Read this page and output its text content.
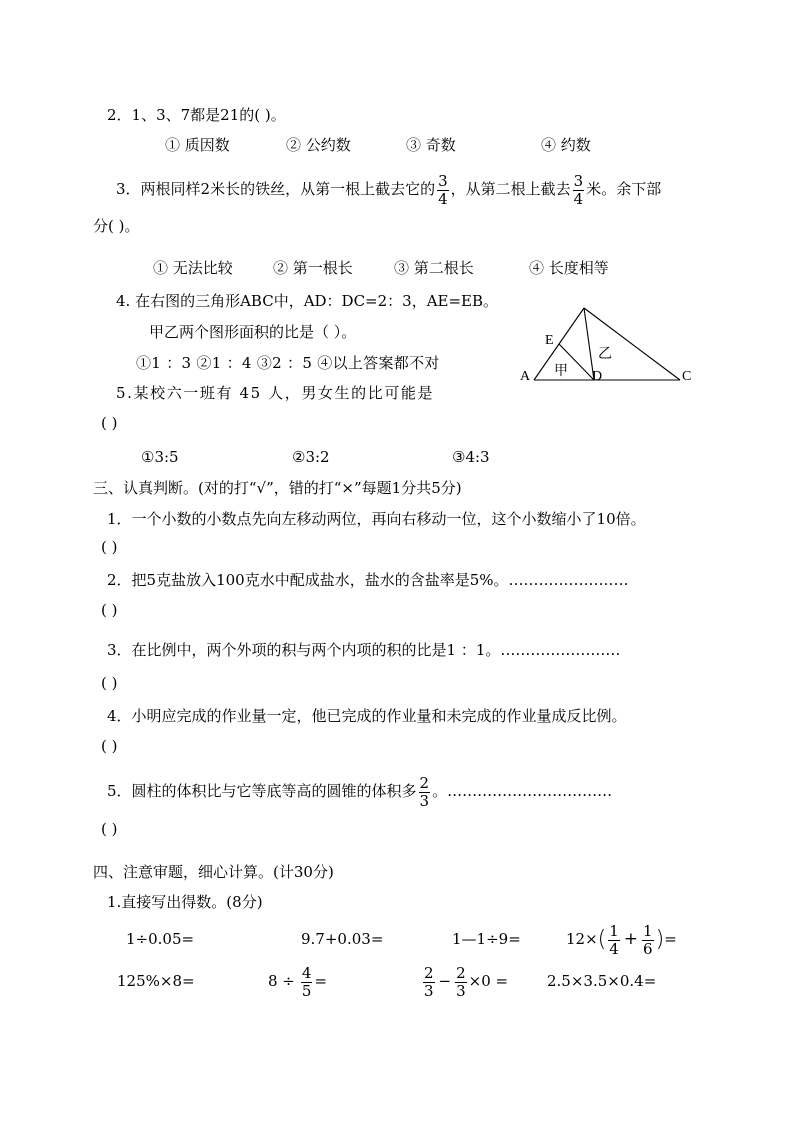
2．1、3、7都是21的( )。
① 质因数	② 公约数	③ 奇数	④ 约数
3．两根同样2米长的铁丝，从第一根上截去它的 $\frac{3}{4}$ ，从第二根上截去 $\frac{3}{4}$ 米。余下部
分( )。
① 无法比较	② 第一根长	③ 第二根长	④ 长度相等
4. 在右图的三角形ABC中，AD：DC=2：3，AE=EB。
甲乙两个图形面积的比是（ ）。
①1 ：3 ②1 ：4 ③2 ：5 ④以上答案都不对
A
E
D	C
甲
乙
5.某校六一班有 45 人，男女生的比可能是
( )
①3:5	②3:2	③4:3
三、认真判断。(对的打“√”，错的打“×”每题1分共5分)
1．一个小数的小数点先向左移动两位，再向右移动一位，这个小数缩小了10倍。
( )
2．把5克盐放入100克水中配成盐水，盐水的含盐率是5%。……………………
( )
3．在比例中，两个外项的积与两个内项的积的比是1 ：1。……………………
( )
4．小明应完成的作业量一定，他已完成的作业量和未完成的作业量成反比例。
( )
5．圆柱的体积比与它等底等高的圆锥的体积多 $\frac{2}{3}$ 。……………………………
( )
四、注意审题，细心计算。(计30分)
1.直接写出得数。(8分)
1÷0.05=	9.7+0.03=	1—1÷9=	$12\times( \frac{1}{4} + \frac{1}{6}$ )=
125%×8=	$8 \div \frac{4}{5}$ =	$\frac{2}{3} - \frac{2}{3} \times 0$ =	2.5×3.5×0.4=
